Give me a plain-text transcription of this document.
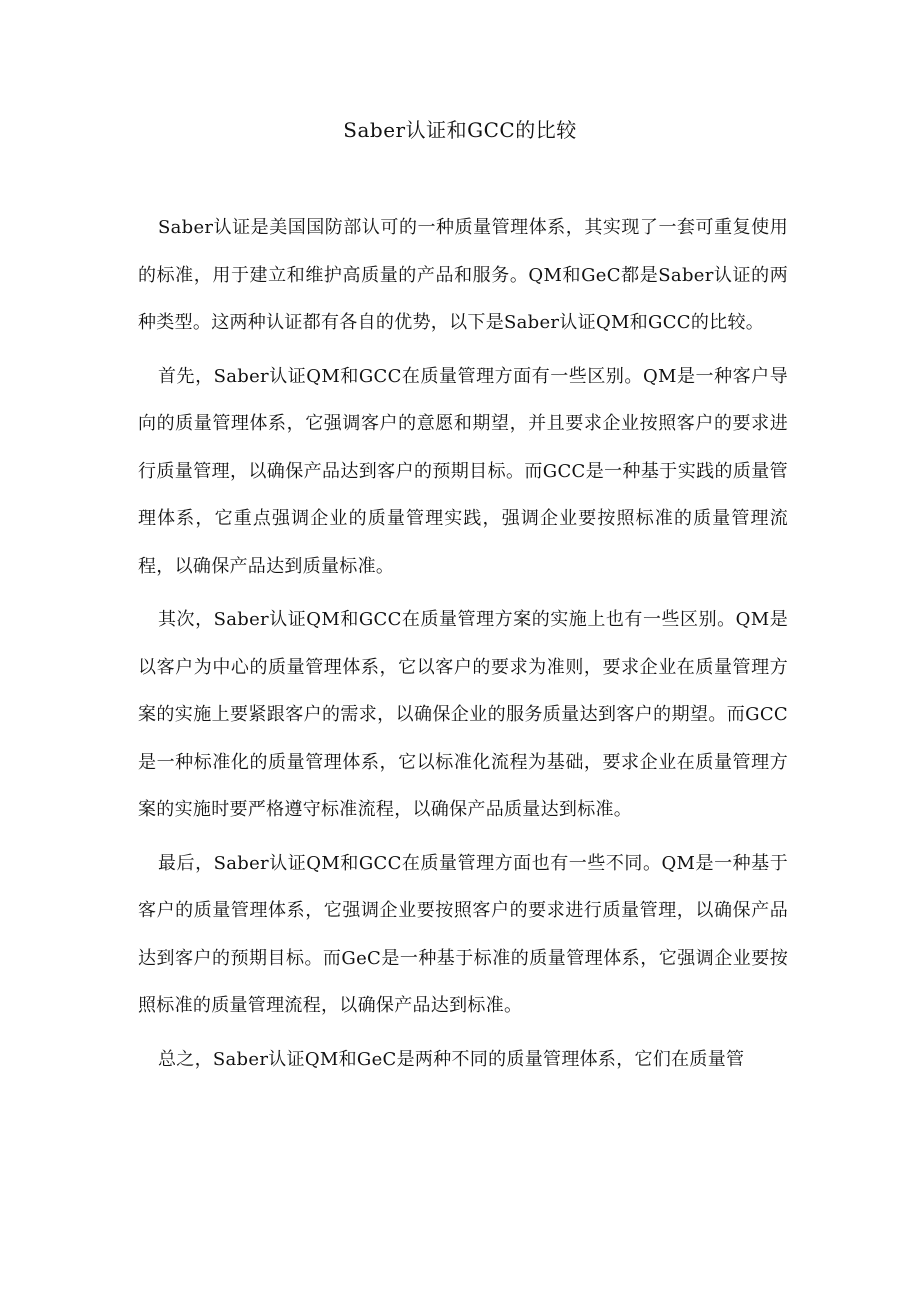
Saber认证和GCC的比较

Saber认证是美国国防部认可的一种质量管理体系，其实现了一套可重复使用的标准，用于建立和维护高质量的产品和服务。QM和GeC都是Saber认证的两种类型。这两种认证都有各自的优势，以下是Saber认证QM和GCC的比较。

首先，Saber认证QM和GCC在质量管理方面有一些区别。QM是一种客户导向的质量管理体系，它强调客户的意愿和期望，并且要求企业按照客户的要求进行质量管理，以确保产品达到客户的预期目标。而GCC是一种基于实践的质量管理体系，它重点强调企业的质量管理实践，强调企业要按照标准的质量管理流程，以确保产品达到质量标准。

其次，Saber认证QM和GCC在质量管理方案的实施上也有一些区别。QM是以客户为中心的质量管理体系，它以客户的要求为准则，要求企业在质量管理方案的实施上要紧跟客户的需求，以确保企业的服务质量达到客户的期望。而GCC是一种标准化的质量管理体系，它以标准化流程为基础，要求企业在质量管理方案的实施时要严格遵守标准流程，以确保产品质量达到标准。

最后，Saber认证QM和GCC在质量管理方面也有一些不同。QM是一种基于客户的质量管理体系，它强调企业要按照客户的要求进行质量管理，以确保产品达到客户的预期目标。而GeC是一种基于标准的质量管理体系，它强调企业要按照标准的质量管理流程，以确保产品达到标准。

总之，Saber认证QM和GeC是两种不同的质量管理体系，它们在质量管
